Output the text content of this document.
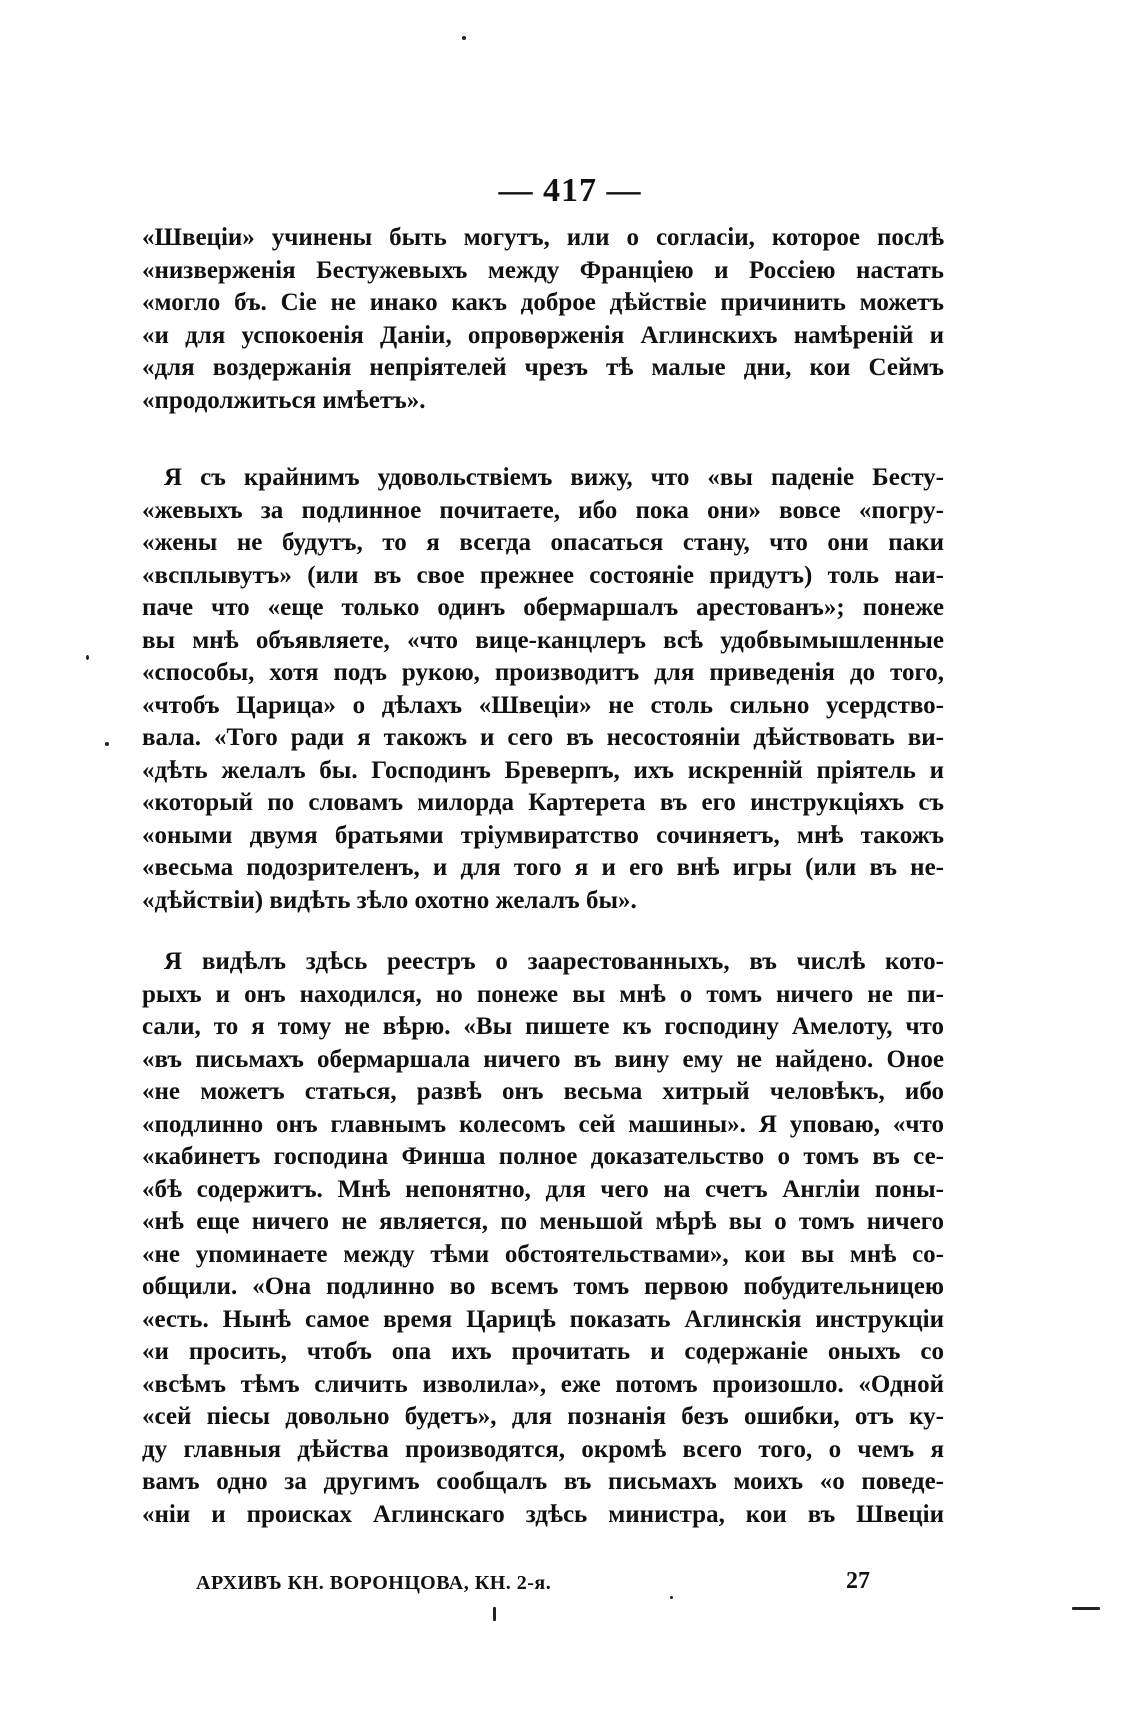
— 417 —

«Швеціи» учинены быть могутъ, или о согласіи, которое послѣ
«низверженія Бестужевыхъ между Франціею и Россіею настать
«могло бъ. Сіе не инако какъ доброе дѣйствіе причинить можетъ
«и для успокоенія Даніи, опровѳрженія Аглинскихъ намѣреній и
«для воздержанія непріятелей чрезъ тѣ малые дни, кои Сеймъ
«продолжиться имѣетъ».

Я съ крайнимъ удовольствіемъ вижу, что «вы паденіе Бесту-
«жевыхъ за подлинное почитаете, ибо пока они» вовсе «погру-
«жены не будутъ, то я всегда опасаться стану, что они паки
«всплывутъ» (или въ свое прежнее состояніе придутъ) толь наи-
паче что «еще только одинъ обермаршалъ арестованъ»; понеже
вы мнѣ объявляете, «что вице-канцлеръ всѣ удобвымышленные
«способы, хотя подъ рукою, производитъ для приведенія до того,
«чтобъ Царица» о дѣлахъ «Швеціи» не столь сильно усердство-
вала. «Того ради я такожъ и сего въ несостояніи дѣйствовать ви-
«дѣть желалъ бы. Господинъ Бреверпъ, ихъ искренній пріятель и
«который по словамъ милорда Картерета въ его инструкціяхъ съ
«оными двумя братьями тріумвиратство сочиняетъ, мнѣ такожъ
«весьма подозрителенъ, и для того я и его внѣ игры (или въ не-
«дѣйствіи) видѣть зѣло охотно желалъ бы».

Я видѣлъ здѣсь реестръ о заарестованныхъ, въ числѣ кото-
рыхъ и онъ находился, но понеже вы мнѣ о томъ ничего не пи-
сали, то я тому не вѣрю. «Вы пишете къ господину Амелоту, что
«въ письмахъ обермаршала ничего въ вину ему не найдено. Оное
«не можетъ статься, развѣ онъ весьма хитрый человѣкъ, ибо
«подлинно онъ главнымъ колесомъ сей машины». Я уповаю, «что
«кабинетъ господина Финша полное доказательство о томъ въ се-
«бѣ содержитъ. Мнѣ непонятно, для чего на счетъ Англіи поны-
«нѣ еще ничего не является, по меньшой мѣрѣ вы о томъ ничего
«не упоминаете между тѣми обстоятельствами», кои вы мнѣ со-
общили. «Она подлинно во всемъ томъ первою побудительницею
«есть. Нынѣ самое время Царицѣ показать Аглинскія инструкціи
«и просить, чтобъ опа ихъ прочитать и содержаніе оныхъ со
«всѣмъ тѣмъ сличить изволила», еже потомъ произошло. «Одной
«сей піесы довольно будетъ», для познанія безъ ошибки, отъ ку-
ду главныя дѣйства производятся, окромѣ всего того, о чемъ я
вамъ одно за другимъ сообщалъ въ письмахъ моихъ «о поведе-
«ніи и происках Аглинскаго здѣсь министра, кои въ Швеціи

АРХИВЪ КН. ВОРОНЦОВА, КН. 2-я.	27
